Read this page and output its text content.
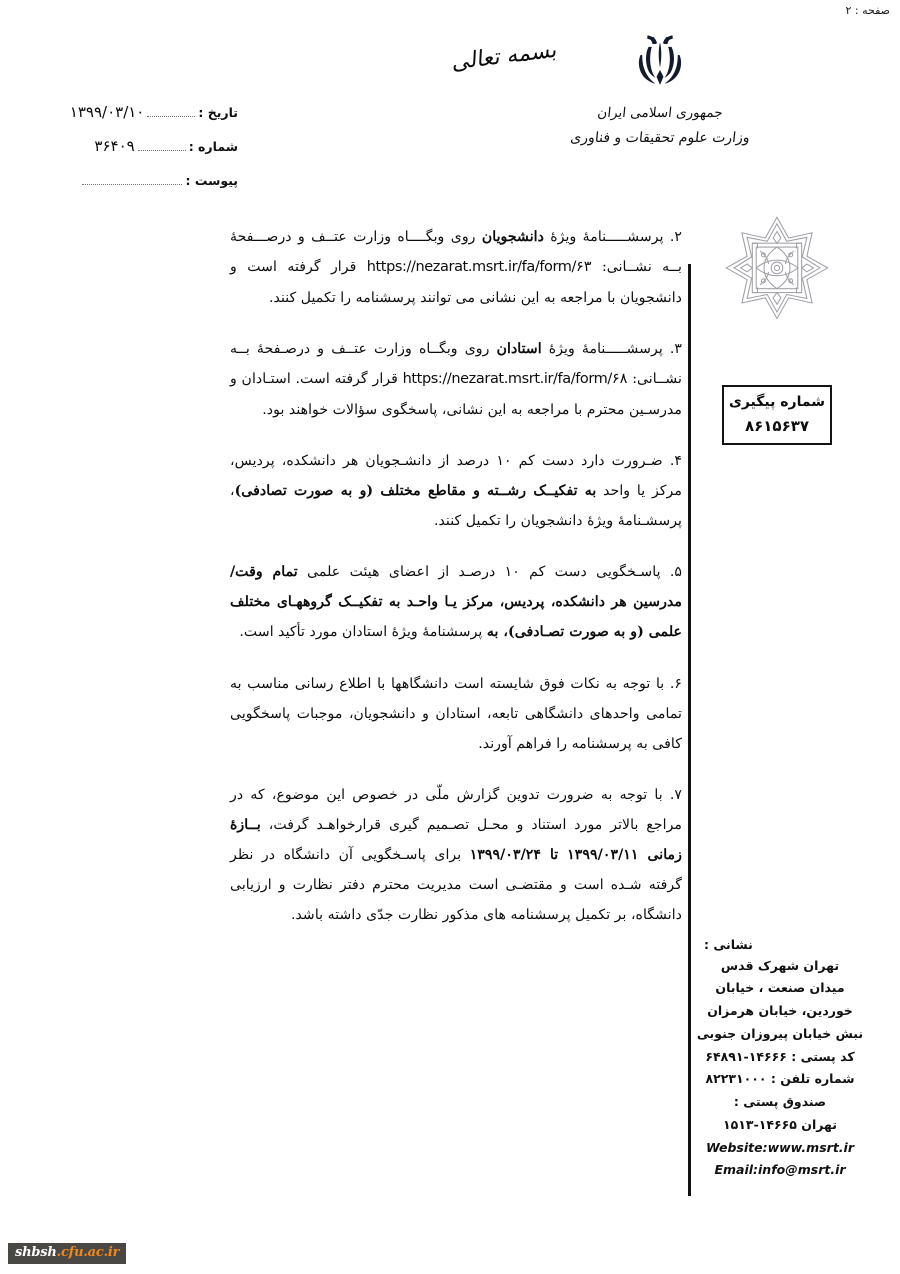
صفحه : ۲
جمهوری اسلامی ایران
وزارت علوم تحقیقات و فناوری
بسمه تعالی
تاریخ :
۱۳۹۹/۰۳/۱۰
شماره :
۳۶۴۰۹
پیوست :
شماره پیگیری
۸۶۱۵۶۳۷

۲. پرسشـــــنامۀ ویژۀ دانشجویان روی وبگــــاه وزارت عتــف و درصـــفحۀ بــه نشــانی: https://nezarat.msrt.ir/fa/form/۶۳ قرار گرفته است و دانشجویان با مراجعه به این نشانی می توانند پرسشنامه را تکمیل کنند.

۳. پرسشـــــنامۀ ویژۀ استادان روی وبگــاه وزارت عتــف و درصـفحۀ بــه نشــانی: https://nezarat.msrt.ir/fa/form/۶۸ قرار گرفته است. استـادان و مدرسـین محترم با مراجعه به این نشانی، پاسخگوی سؤالات خواهند بود.

۴. ضـرورت دارد دست کم ۱۰ درصد از دانشـجویان هر دانشکده، پردیس، مرکز یا واحد به تفکیــک رشــته و مقاطع مختلف (و به صورت تصادفی)، پرسشـنامۀ ویژۀ دانشجویان را تکمیل کنند.

۵. پاسـخگویی دست کم ۱۰ درصـد از اعضای هیئت علمی تمام وقت/ مدرسین هر دانشکده، پردیس، مرکز یـا واحـد به تفکیــک گروههـای مختلف علمی (و به صورت تصـادفی)، به پرسشنامۀ ویژۀ استادان مورد تأکید است.

۶. با توجه به نکات فوق شایسته است دانشگاهها با اطلاع رسانی مناسب به تمامی واحدهای دانشگاهی تابعه، استادان و دانشجویان، موجبات پاسخگویی کافی به پرسشنامه را فراهم آورند.

۷. با توجه به ضرورت تدوین گزارش ملّی در خصوص این موضوع، که در مراجع بالاتر مورد استناد و محـل تصـمیم گیری قرارخواهـد گرفت، بــازۀ زمانی ۱۳۹۹/۰۳/۱۱ تا ۱۳۹۹/۰۳/۲۴ برای پاسـخگویی آن دانشگاه در نظر گرفته شـده است و مقتضـی است مدیریت محترم دفتر نظارت و ارزیابی دانشگاه، بر تکمیل پرسشنامه های مذکور نظارت جدّی داشته باشد.

نشانی :
تهران شهرک قدس
میدان صنعت ، خیابان
خوردین، خیابان هرمزان
نبش خیابان پیروزان جنوبی
کد پستی : ۱۴۶۶۶-۶۴۸۹۱
شماره تلفن : ۸۲۲۳۱۰۰۰
صندوق پستی :
تهران ۱۴۶۶۵-۱۵۱۳
Website:www.msrt.ir
Email:info@msrt.ir
shbsh.cfu.ac.ir
